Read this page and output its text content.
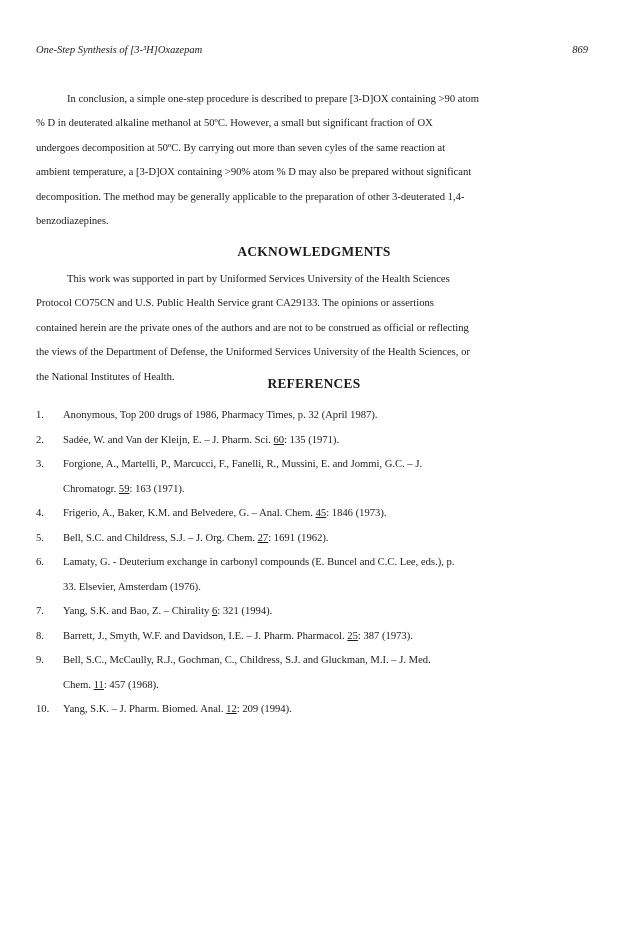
One-Step Synthesis of [3-³H]Oxazepam	869

In conclusion, a simple one-step procedure is described to prepare [3-D]OX containing >90 atom
% D in deuterated alkaline methanol at 50ºC. However, a small but significant fraction of OX
undergoes decomposition at 50ºC. By carrying out more than seven cyles of the same reaction at
ambient temperature, a [3-D]OX containing >90% atom % D may also be prepared without significant
decomposition. The method may be generally applicable to the preparation of other 3-deuterated 1,4-
benzodiazepines.

ACKNOWLEDGMENTS

This work was supported in part by Uniformed Services University of the Health Sciences
Protocol CO75CN and U.S. Public Health Service grant CA29133. The opinions or assertions
contained herein are the private ones of the authors and are not to be construed as official or reflecting
the views of the Department of Defense, the Uniformed Services University of the Health Sciences, or
the National Institutes of Health.	REFERENCES
1. Anonymous, Top 200 drugs of 1986, Pharmacy Times, p. 32 (April 1987).
2. Sadée, W. and Van der Kleijn, E. – J. Pharm. Sci. 60: 135 (1971).
3. Forgione, A., Martelli, P., Marcucci, F., Fanelli, R., Mussini, E. and Jommi, G.C. – J.
Chromatogr. 59: 163 (1971).
4. Frigerio, A., Baker, K.M. and Belvedere, G. – Anal. Chem. 45: 1846 (1973).
5. Bell, S.C. and Childress, S.J. – J. Org. Chem. 27: 1691 (1962).
6. Lamaty, G. - Deuterium exchange in carbonyl compounds (E. Buncel and C.C. Lee, eds.), p.
33. Elsevier, Amsterdam (1976).
7. Yang, S.K. and Bao, Z. – Chirality 6: 321 (1994).
8. Barrett, J., Smyth, W.F. and Davidson, I.E. – J. Pharm. Pharmacol. 25: 387 (1973).
9. Bell, S.C., McCaully, R.J., Gochman, C., Childress, S.J. and Gluckman, M.I. – J. Med.
Chem. 11: 457 (1968).
10. Yang, S.K. – J. Pharm. Biomed. Anal. 12: 209 (1994).
